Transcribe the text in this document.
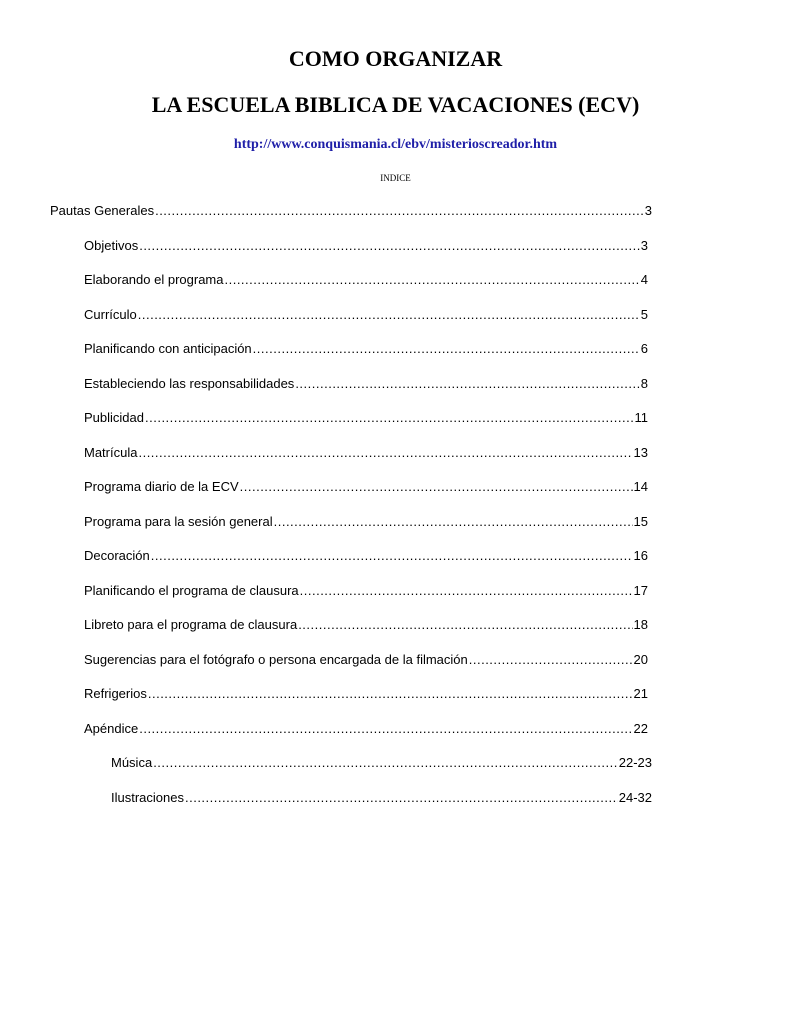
COMO ORGANIZAR
LA ESCUELA BIBLICA DE VACACIONES (ECV)
http://www.conquismania.cl/ebv/misterioscreador.htm
INDICE
Pautas Generales .....	3
Objetivos .....	3
Elaborando el programa .....	4
Currículo .....	5
Planificando con anticipación .....	6
Estableciendo las responsabilidades .....	8
Publicidad .....	11
Matrícula .....	13
Programa diario de la ECV .....	14
Programa para la sesión general .....	15
Decoración .....	16
Planificando el programa de clausura .....	17
Libreto para el programa de clausura .....	18
Sugerencias para el fotógrafo o persona encargada de la filmación .....	20
Refrigerios .....	21
Apéndice .....	22
Música .....	22-23
Ilustraciones .....	24-32
